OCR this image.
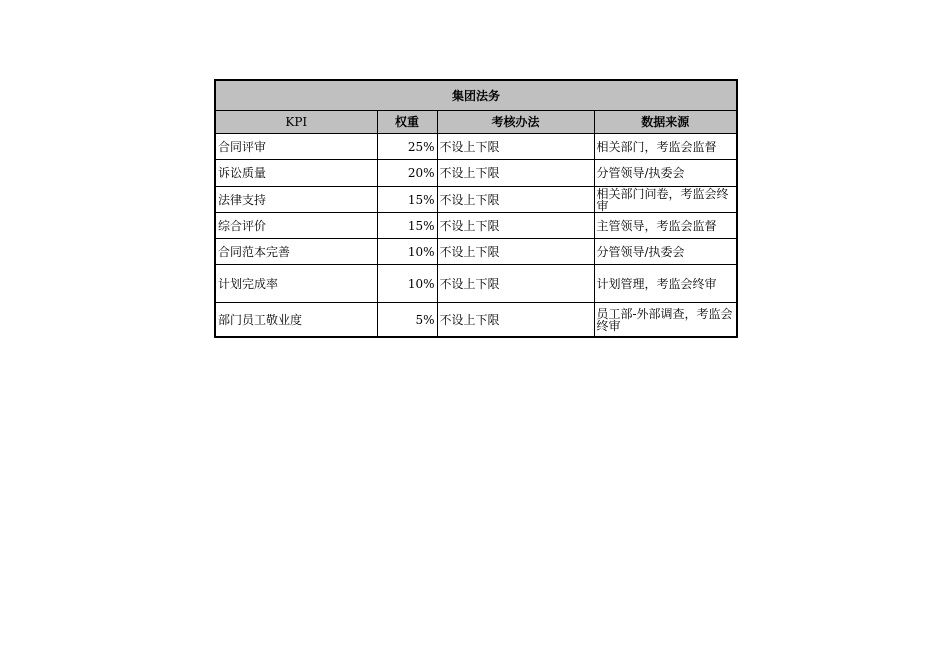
集团法务			
KPI	权重	考核办法	数据来源
合同评审	25%	不设上下限	相关部门，考监会监督
诉讼质量	20%	不设上下限	分管领导/执委会
法律支持	15%	不设上下限	相关部门问卷，考监会终审
综合评价	15%	不设上下限	主管领导，考监会监督
合同范本完善	10%	不设上下限	分管领导/执委会
计划完成率	10%	不设上下限	计划管理，考监会终审
部门员工敬业度	5%	不设上下限	员工部-外部调查，考监会终审
